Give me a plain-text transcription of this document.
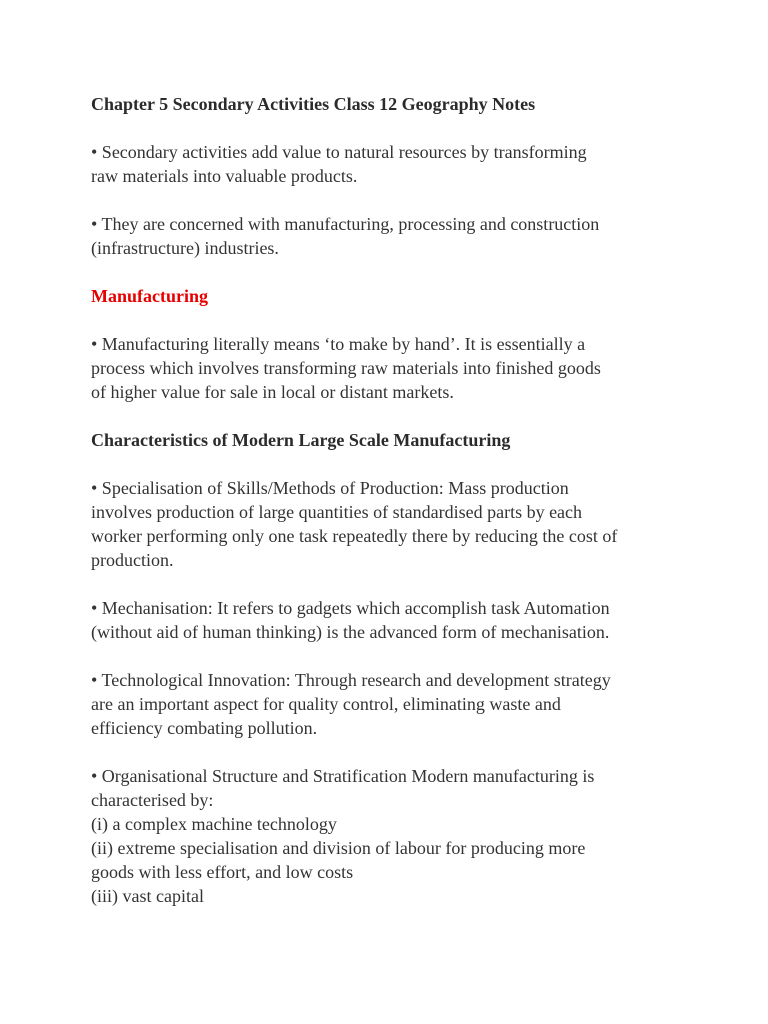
Chapter 5 Secondary Activities Class 12 Geography Notes
• Secondary activities add value to natural resources by transforming
raw materials into valuable products.
• They are concerned with manufacturing, processing and construction
(infrastructure) industries.
Manufacturing
• Manufacturing literally means ‘to make by hand’. It is essentially a
process which involves transforming raw materials into finished goods
of higher value for sale in local or distant markets.
Characteristics of Modern Large Scale Manufacturing
• Specialisation of Skills/Methods of Production: Mass production
involves production of large quantities of standardised parts by each
worker performing only one task repeatedly there by reducing the cost of
production.
• Mechanisation: It refers to gadgets which accomplish task Automation
(without aid of human thinking) is the advanced form of mechanisation.
• Technological Innovation: Through research and development strategy
are an important aspect for quality control, eliminating waste and
efficiency combating pollution.
• Organisational Structure and Stratification Modern manufacturing is
characterised by:
(i) a complex machine technology
(ii) extreme specialisation and division of labour for producing more
goods with less effort, and low costs
(iii) vast capital
